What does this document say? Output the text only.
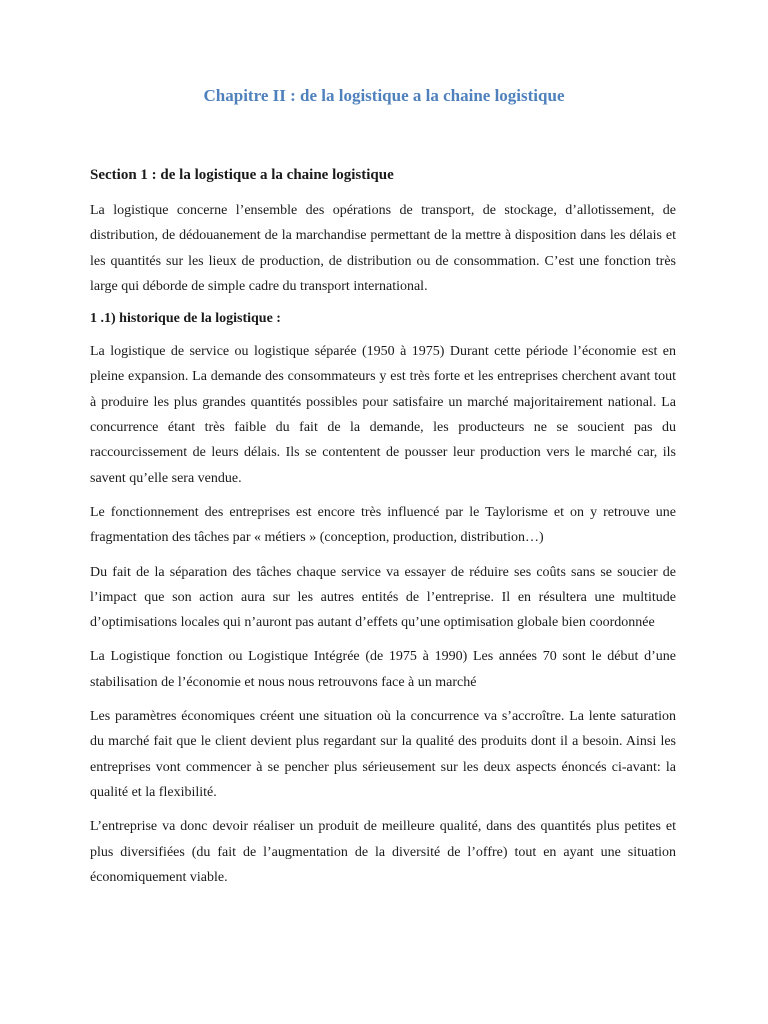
Chapitre II : de la logistique a la chaine logistique
Section 1 : de la logistique a la chaine logistique

La logistique concerne l’ensemble des opérations de transport, de stockage, d’allotissement, de distribution, de dédouanement de la marchandise permettant de la mettre à disposition dans les délais et les quantités sur les lieux de production, de distribution ou de consommation. C’est une fonction très large qui déborde de simple cadre du transport international.

1 .1) historique de la logistique :

La logistique de service ou logistique séparée (1950 à 1975) Durant cette période l’économie est en pleine expansion. La demande des consommateurs y est très forte et les entreprises cherchent avant tout à produire les plus grandes quantités possibles pour satisfaire un marché majoritairement national. La concurrence étant très faible du fait de la demande, les producteurs ne se soucient pas du raccourcissement de leurs délais. Ils se contentent de pousser leur production vers le marché car, ils savent qu’elle sera vendue.

Le fonctionnement des entreprises est encore très influencé par le Taylorisme et on y retrouve une fragmentation des tâches par « métiers » (conception, production, distribution…)

Du fait de la séparation des tâches chaque service va essayer de réduire ses coûts sans se soucier de l’impact que son action aura sur les autres entités de l’entreprise. Il en résultera une multitude d’optimisations locales qui n’auront pas autant d’effets qu’une optimisation globale bien coordonnée

La Logistique fonction ou Logistique Intégrée (de 1975 à 1990) Les années 70 sont le début d’une stabilisation de l’économie et nous nous retrouvons face à un marché

Les paramètres économiques créent une situation où la concurrence va s’accroître. La lente saturation du marché fait que le client devient plus regardant sur la qualité des produits dont il a besoin. Ainsi les entreprises vont commencer à se pencher plus sérieusement sur les deux aspects énoncés ci-avant: la qualité et la flexibilité.

L’entreprise va donc devoir réaliser un produit de meilleure qualité, dans des quantités plus petites et plus diversifiées (du fait de l’augmentation de la diversité de l’offre) tout en ayant une situation économiquement viable.
